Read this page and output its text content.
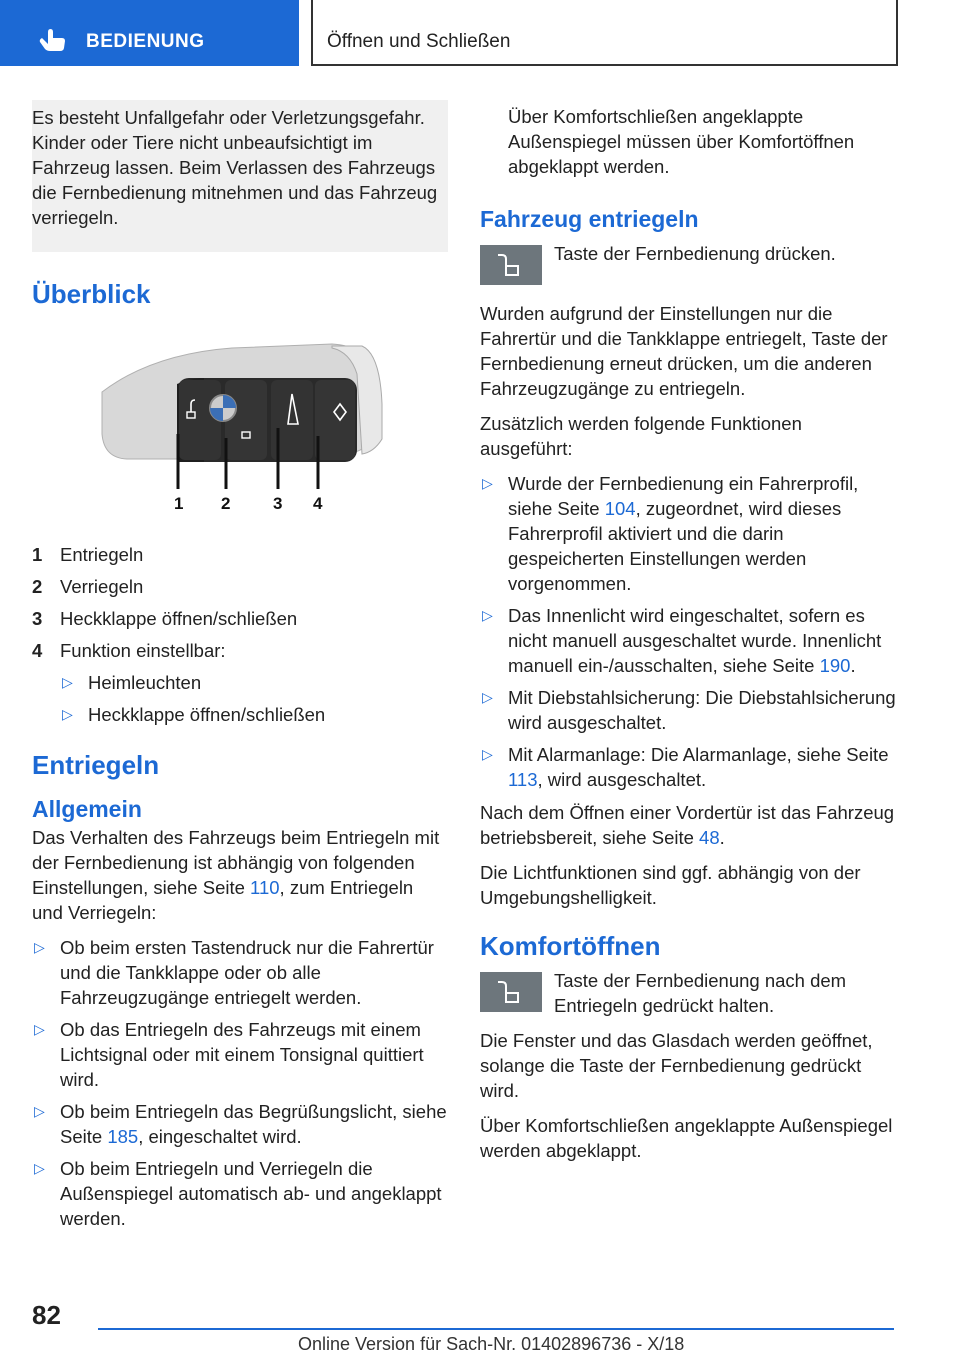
BEDIENUNG	Öffnen und Schließen

Es besteht Unfallgefahr oder Verletzungsgefahr. Kinder oder Tiere nicht unbeaufsichtigt im Fahrzeug lassen. Beim Verlassen des Fahrzeugs die Fernbedienung mitnehmen und das Fahrzeug verriegeln.

Überblick
1 2	3 4
1 Entriegeln
2 Verriegeln
3 Heckklappe öffnen/schließen
4 Funktion einstellbar:
▷ Heimleuchten
▷ Heckklappe öffnen/schließen
Entriegeln
Allgemein

Das Verhalten des Fahrzeugs beim Entriegeln mit der Fernbedienung ist abhängig von folgenden Einstellungen, siehe Seite 110, zum Entriegeln und Verriegeln:

▷ Ob beim ersten Tastendruck nur die Fahrertür und die Tankklappe oder ob alle Fahrzeugzugänge entriegelt werden.
▷ Ob das Entriegeln des Fahrzeugs mit einem Lichtsignal oder mit einem Tonsignal quittiert wird.
▷ Ob beim Entriegeln das Begrüßungslicht, siehe Seite 185, eingeschaltet wird.
▷ Ob beim Entriegeln und Verriegeln die Außenspiegel automatisch ab- und angeklappt werden.

Über Komfortschließen angeklappte Außenspiegel müssen über Komfortöffnen abgeklappt werden.

Fahrzeug entriegeln
Taste der Fernbedienung drücken.

Wurden aufgrund der Einstellungen nur die Fahrertür und die Tankklappe entriegelt, Taste der Fernbedienung erneut drücken, um die anderen Fahrzeugzugänge zu entriegeln.

Zusätzlich werden folgende Funktionen ausgeführt:

▷ Wurde der Fernbedienung ein Fahrerprofil, siehe Seite 104, zugeordnet, wird dieses Fahrerprofil aktiviert und die darin gespeicherten Einstellungen werden vorgenommen.
▷ Das Innenlicht wird eingeschaltet, sofern es nicht manuell ausgeschaltet wurde. Innenlicht manuell ein-/ausschalten, siehe Seite 190.
▷ Mit Diebstahlsicherung: Die Diebstahlsicherung wird ausgeschaltet.
▷ Mit Alarmanlage: Die Alarmanlage, siehe Seite 113, wird ausgeschaltet.

Nach dem Öffnen einer Vordertür ist das Fahrzeug betriebsbereit, siehe Seite 48.

Die Lichtfunktionen sind ggf. abhängig von der Umgebungshelligkeit.

Komfortöffnen
Taste der Fernbedienung nach dem Entriegeln gedrückt halten.

Die Fenster und das Glasdach werden geöffnet, solange die Taste der Fernbedienung gedrückt wird.

Über Komfortschließen angeklappte Außenspiegel werden abgeklappt.

82
Online Version für Sach-Nr. 01402896736 - X/18
